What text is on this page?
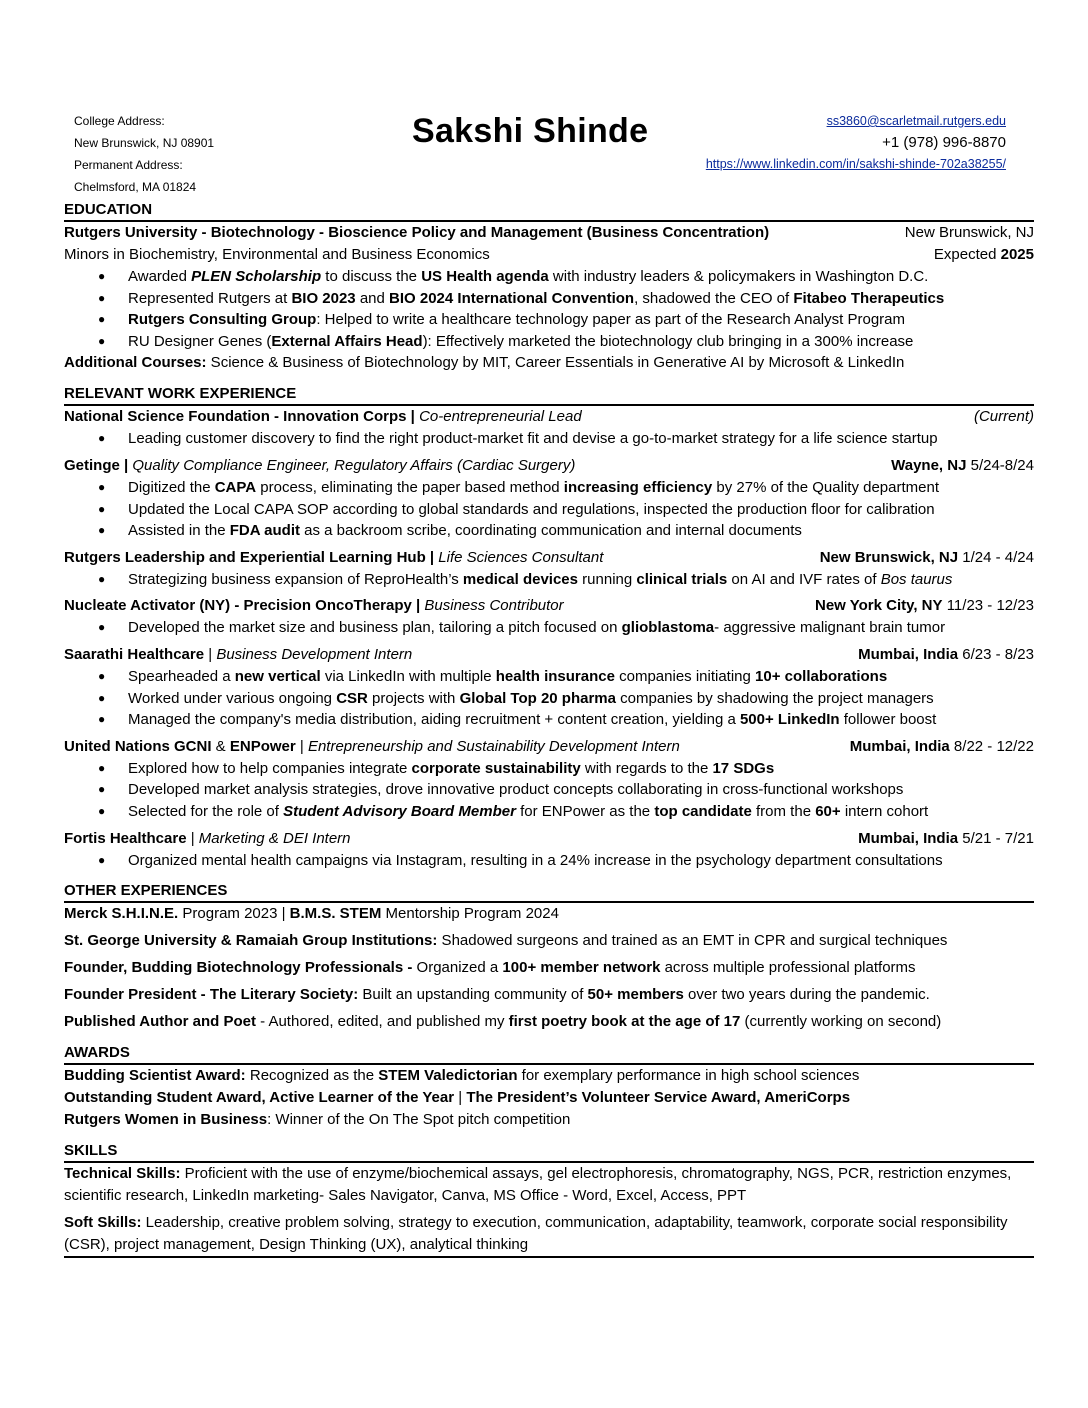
College Address:
New Brunswick, NJ 08901
Permanent Address:
Chelmsford, MA 01824
Sakshi Shinde	ss3860@scarletmail.rutgers.edu
+1 (978) 996-8870
https://www.linkedin.com/in/sakshi-shinde-702a38255/
EDUCATION
Rutgers University - Biotechnology - Bioscience Policy and Management (Business Concentration)	New Brunswick, NJ
Minors in Biochemistry, Environmental and Business Economics	Expected 2025
● Awarded PLEN Scholarship to discuss the US Health agenda with industry leaders & policymakers in Washington D.C.
● Represented Rutgers at BIO 2023 and BIO 2024 International Convention, shadowed the CEO of Fitabeo Therapeutics
● Rutgers Consulting Group: Helped to write a healthcare technology paper as part of the Research Analyst Program
● RU Designer Genes (External Affairs Head): Effectively marketed the biotechnology club bringing in a 300% increase
Additional Courses: Science & Business of Biotechnology by MIT, Career Essentials in Generative AI by Microsoft & LinkedIn
RELEVANT WORK EXPERIENCE
National Science Foundation - Innovation Corps | Co-entrepreneurial Lead	(Current)
● Leading customer discovery to find the right product-market fit and devise a go-to-market strategy for a life science startup
Getinge | Quality Compliance Engineer, Regulatory Affairs (Cardiac Surgery)	Wayne, NJ 5/24-8/24
● Digitized the CAPA process, eliminating the paper based method increasing efficiency by 27% of the Quality department
● Updated the Local CAPA SOP according to global standards and regulations, inspected the production floor for calibration
● Assisted in the FDA audit as a backroom scribe, coordinating communication and internal documents
Rutgers Leadership and Experiential Learning Hub | Life Sciences Consultant	New Brunswick, NJ 1/24 - 4/24
● Strategizing business expansion of ReproHealth’s medical devices running clinical trials on AI and IVF rates of Bos taurus
Nucleate Activator (NY) - Precision OncoTherapy | Business Contributor	New York City, NY 11/23 - 12/23
● Developed the market size and business plan, tailoring a pitch focused on glioblastoma- aggressive malignant brain tumor
Saarathi Healthcare | Business Development Intern	Mumbai, India 6/23 - 8/23
● Spearheaded a new vertical via LinkedIn with multiple health insurance companies initiating 10+ collaborations
● Worked under various ongoing CSR projects with Global Top 20 pharma companies by shadowing the project managers
● Managed the company's media distribution, aiding recruitment + content creation, yielding a 500+ LinkedIn follower boost
United Nations GCNI & ENPower | Entrepreneurship and Sustainability Development Intern	Mumbai, India 8/22 - 12/22
● Explored how to help companies integrate corporate sustainability with regards to the 17 SDGs
● Developed market analysis strategies, drove innovative product concepts collaborating in cross-functional workshops
● Selected for the role of Student Advisory Board Member for ENPower as the top candidate from the 60+ intern cohort
Fortis Healthcare | Marketing & DEI Intern	Mumbai, India 5/21 - 7/21
● Organized mental health campaigns via Instagram, resulting in a 24% increase in the psychology department consultations
OTHER EXPERIENCES
Merck S.H.I.N.E. Program 2023 | B.M.S. STEM Mentorship Program 2024
St. George University & Ramaiah Group Institutions: Shadowed surgeons and trained as an EMT in CPR and surgical techniques
Founder, Budding Biotechnology Professionals - Organized a 100+ member network across multiple professional platforms
Founder President - The Literary Society: Built an upstanding community of 50+ members over two years during the pandemic.
Published Author and Poet - Authored, edited, and published my first poetry book at the age of 17 (currently working on second)
AWARDS
Budding Scientist Award: Recognized as the STEM Valedictorian for exemplary performance in high school sciences
Outstanding Student Award, Active Learner of the Year | The President’s Volunteer Service Award, AmeriCorps
Rutgers Women in Business: Winner of the On The Spot pitch competition
SKILLS
Technical Skills: Proficient with the use of enzyme/biochemical assays, gel electrophoresis, chromatography, NGS, PCR, restriction enzymes, scientific research, LinkedIn marketing- Sales Navigator, Canva, MS Office - Word, Excel, Access, PPT
Soft Skills: Leadership, creative problem solving, strategy to execution, communication, adaptability, teamwork, corporate social responsibility (CSR), project management, Design Thinking (UX), analytical thinking
